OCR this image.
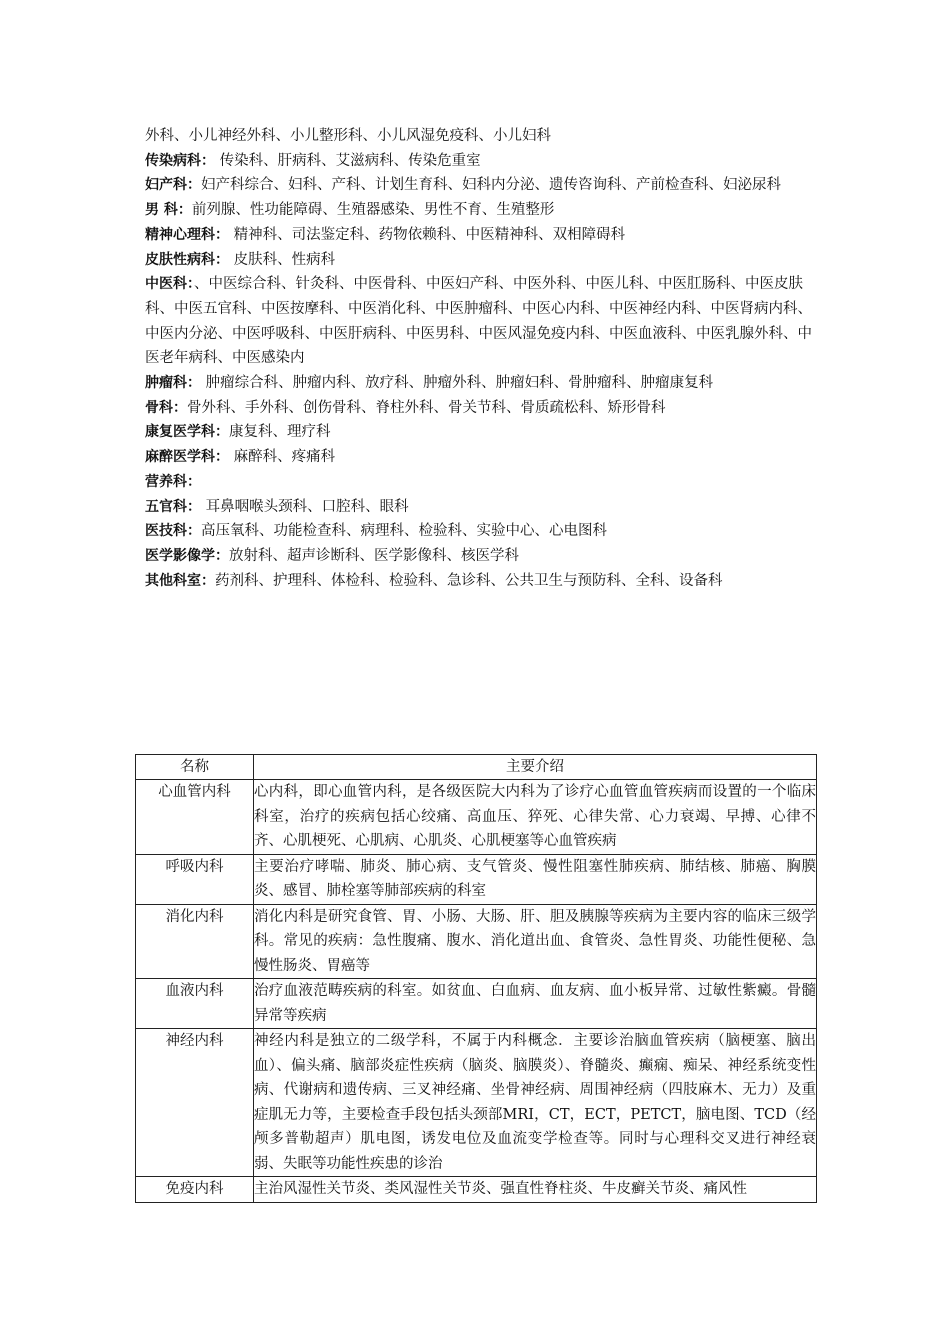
外科、小儿神经外科、小儿整形科、小儿风湿免疫科、小儿妇科

传染病科： 传染科、肝病科、艾滋病科、传染危重室

妇产科：妇产科综合、妇科、产科、计划生育科、妇科内分泌、遗传咨询科、产前检查科、妇泌尿科

男 科：前列腺、性功能障碍、生殖器感染、男性不育、生殖整形

精神心理科： 精神科、司法鉴定科、药物依赖科、中医精神科、双相障碍科

皮肤性病科： 皮肤科、性病科

中医科：、中医综合科、针灸科、中医骨科、中医妇产科、中医外科、中医儿科、中医肛肠科、中医皮肤科、中医五官科、中医按摩科、中医消化科、中医肿瘤科、中医心内科、中医神经内科、中医肾病内科、中医内分泌、中医呼吸科、中医肝病科、中医男科、中医风湿免疫内科、中医血液科、中医乳腺外科、中医老年病科、中医感染内

肿瘤科： 肿瘤综合科、肿瘤内科、放疗科、肿瘤外科、肿瘤妇科、骨肿瘤科、肿瘤康复科

骨科：骨外科、手外科、创伤骨科、脊柱外科、骨关节科、骨质疏松科、矫形骨科

康复医学科：康复科、理疗科

麻醉医学科： 麻醉科、疼痛科

营养科：

五官科： 耳鼻咽喉头颈科、口腔科、眼科

医技科：高压氧科、功能检查科、病理科、检验科、实验中心、心电图科

医学影像学：放射科、超声诊断科、医学影像科、核医学科

其他科室：药剂科、护理科、体检科、检验科、急诊科、公共卫生与预防科、全科、设备科

名称	主要介绍
心血管内科	心内科，即心血管内科，是各级医院大内科为了诊疗心血管血管疾病而设置的一个临床科室，治疗的疾病包括心绞痛、高血压、猝死、心律失常、心力衰竭、早搏、心律不齐、心肌梗死、心肌病、心肌炎、心肌梗塞等心血管疾病
呼吸内科	主要治疗哮喘、肺炎、肺心病、支气管炎、慢性阻塞性肺疾病、肺结核、肺癌、胸膜炎、感冒、肺栓塞等肺部疾病的科室
消化内科	消化内科是研究食管、胃、小肠、大肠、肝、胆及胰腺等疾病为主要内容的临床三级学科。常见的疾病：急性腹痛、腹水、消化道出血、食管炎、急性胃炎、功能性便秘、急慢性肠炎、胃癌等
血液内科	治疗血液范畴疾病的科室。如贫血、白血病、血友病、血小板异常、过敏性紫癜。骨髓异常等疾病
神经内科	神经内科是独立的二级学科，不属于内科概念．主要诊治脑血管疾病（脑梗塞、脑出血）、偏头痛、脑部炎症性疾病（脑炎、脑膜炎）、脊髓炎、癫痫、痴呆、神经系统变性病、代谢病和遗传病、三叉神经痛、坐骨神经病、周围神经病（四肢麻木、无力）及重症肌无力等，主要检查手段包括头颈部MRI，CT，ECT，PETCT，脑电图、TCD（经颅多普勒超声）肌电图，诱发电位及血流变学检查等。同时与心理科交叉进行神经衰弱、失眠等功能性疾患的诊治
免疫内科	主治风湿性关节炎、类风湿性关节炎、强直性脊柱炎、牛皮癣关节炎、痛风性
